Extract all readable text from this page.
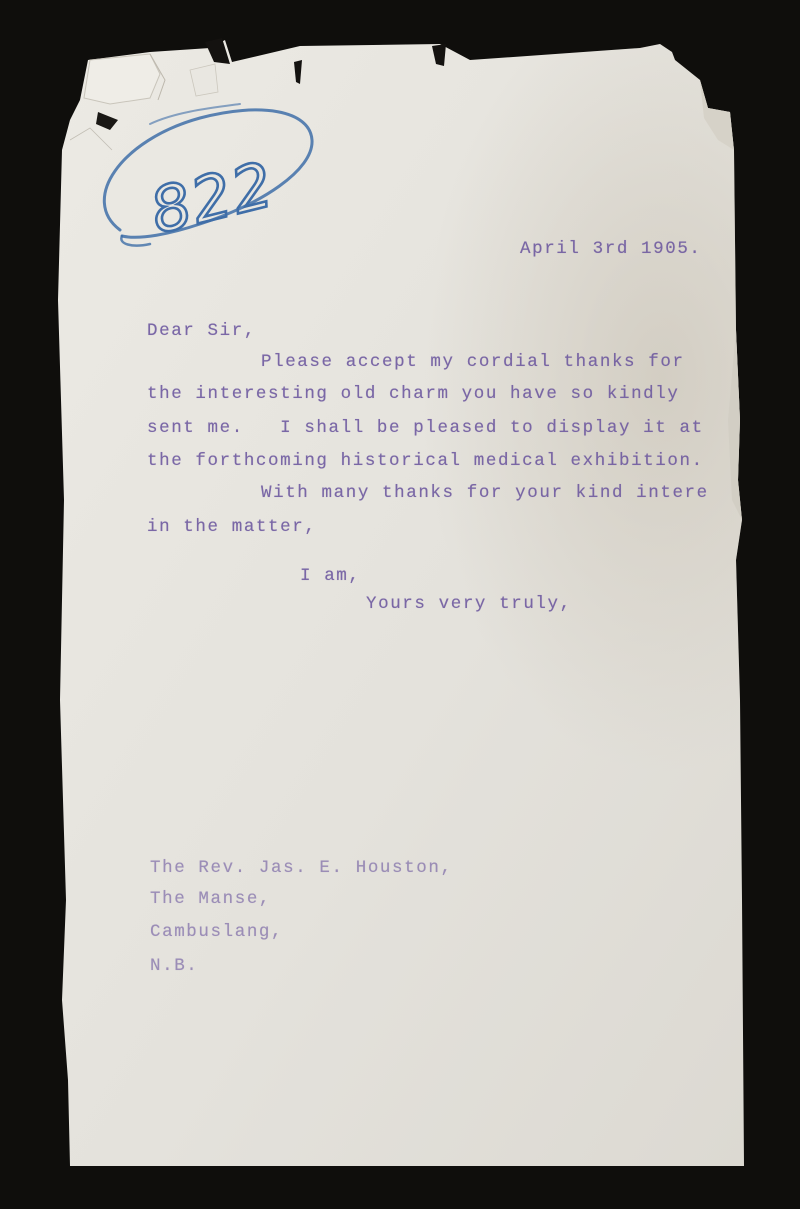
822
April 3rd 1905.
Dear Sir,
Please accept my cordial thanks for
the interesting old charm you have so kindly
sent me.   I shall be pleased to display it at
the forthcoming historical medical exhibition.
With many thanks for your kind intere
in the matter,
I am,
Yours very truly,
The Rev. Jas. E. Houston,
The Manse,
Cambuslang,
N.B.
